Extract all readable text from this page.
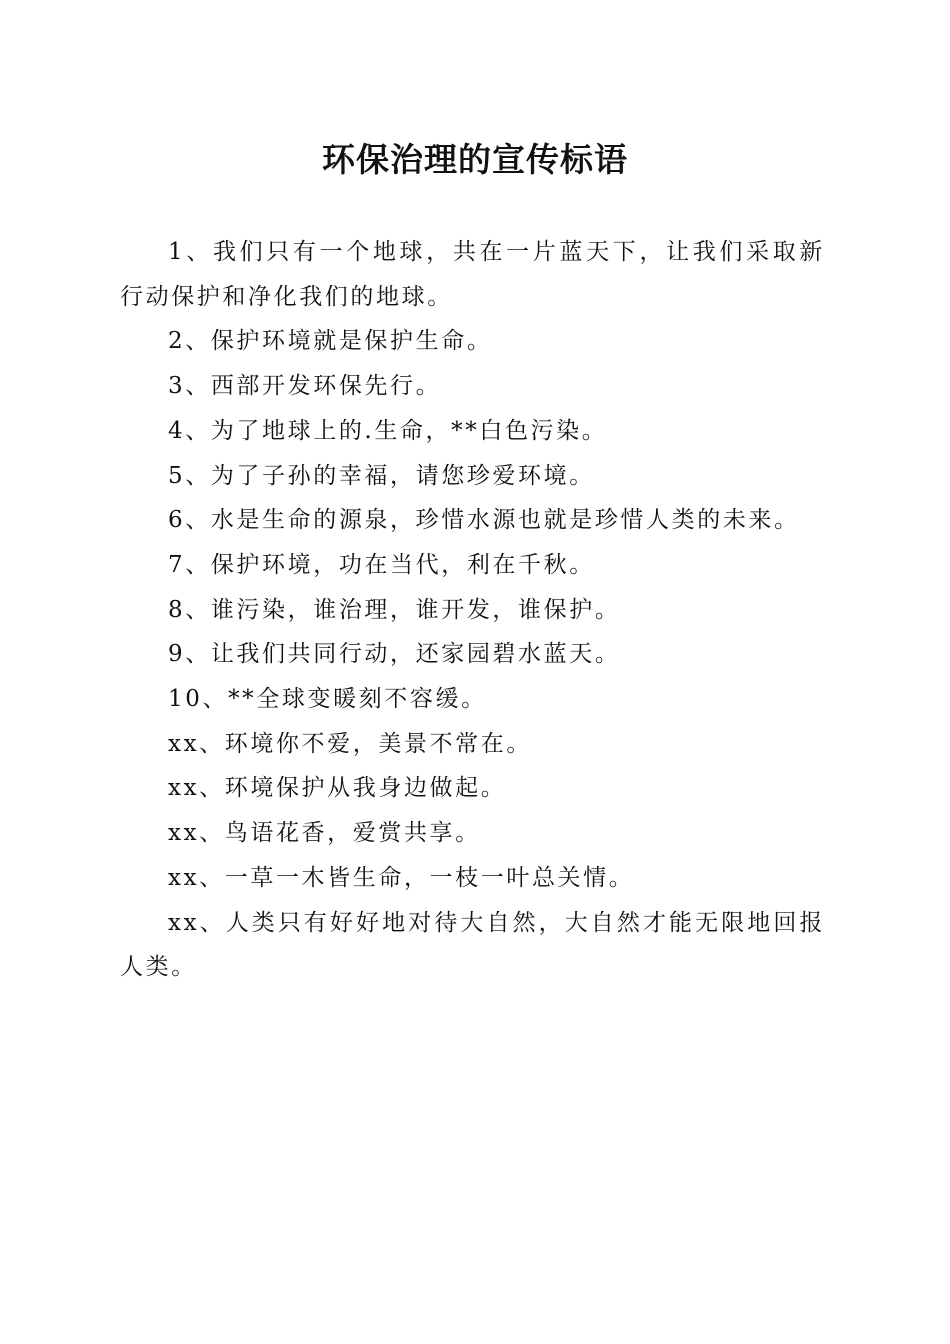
环保治理的宣传标语

1、我们只有一个地球，共在一片蓝天下，让我们采取新行动保护和净化我们的地球。

2、保护环境就是保护生命。

3、西部开发环保先行。

4、为了地球上的.生命，**白色污染。

5、为了子孙的幸福，请您珍爱环境。

6、水是生命的源泉，珍惜水源也就是珍惜人类的未来。

7、保护环境，功在当代，利在千秋。

8、谁污染，谁治理，谁开发，谁保护。

9、让我们共同行动，还家园碧水蓝天。

10、**全球变暖刻不容缓。

xx、环境你不爱，美景不常在。

xx、环境保护从我身边做起。

xx、鸟语花香，爱赏共享。

xx、一草一木皆生命，一枝一叶总关情。

xx、人类只有好好地对待大自然，大自然才能无限地回报人类。
